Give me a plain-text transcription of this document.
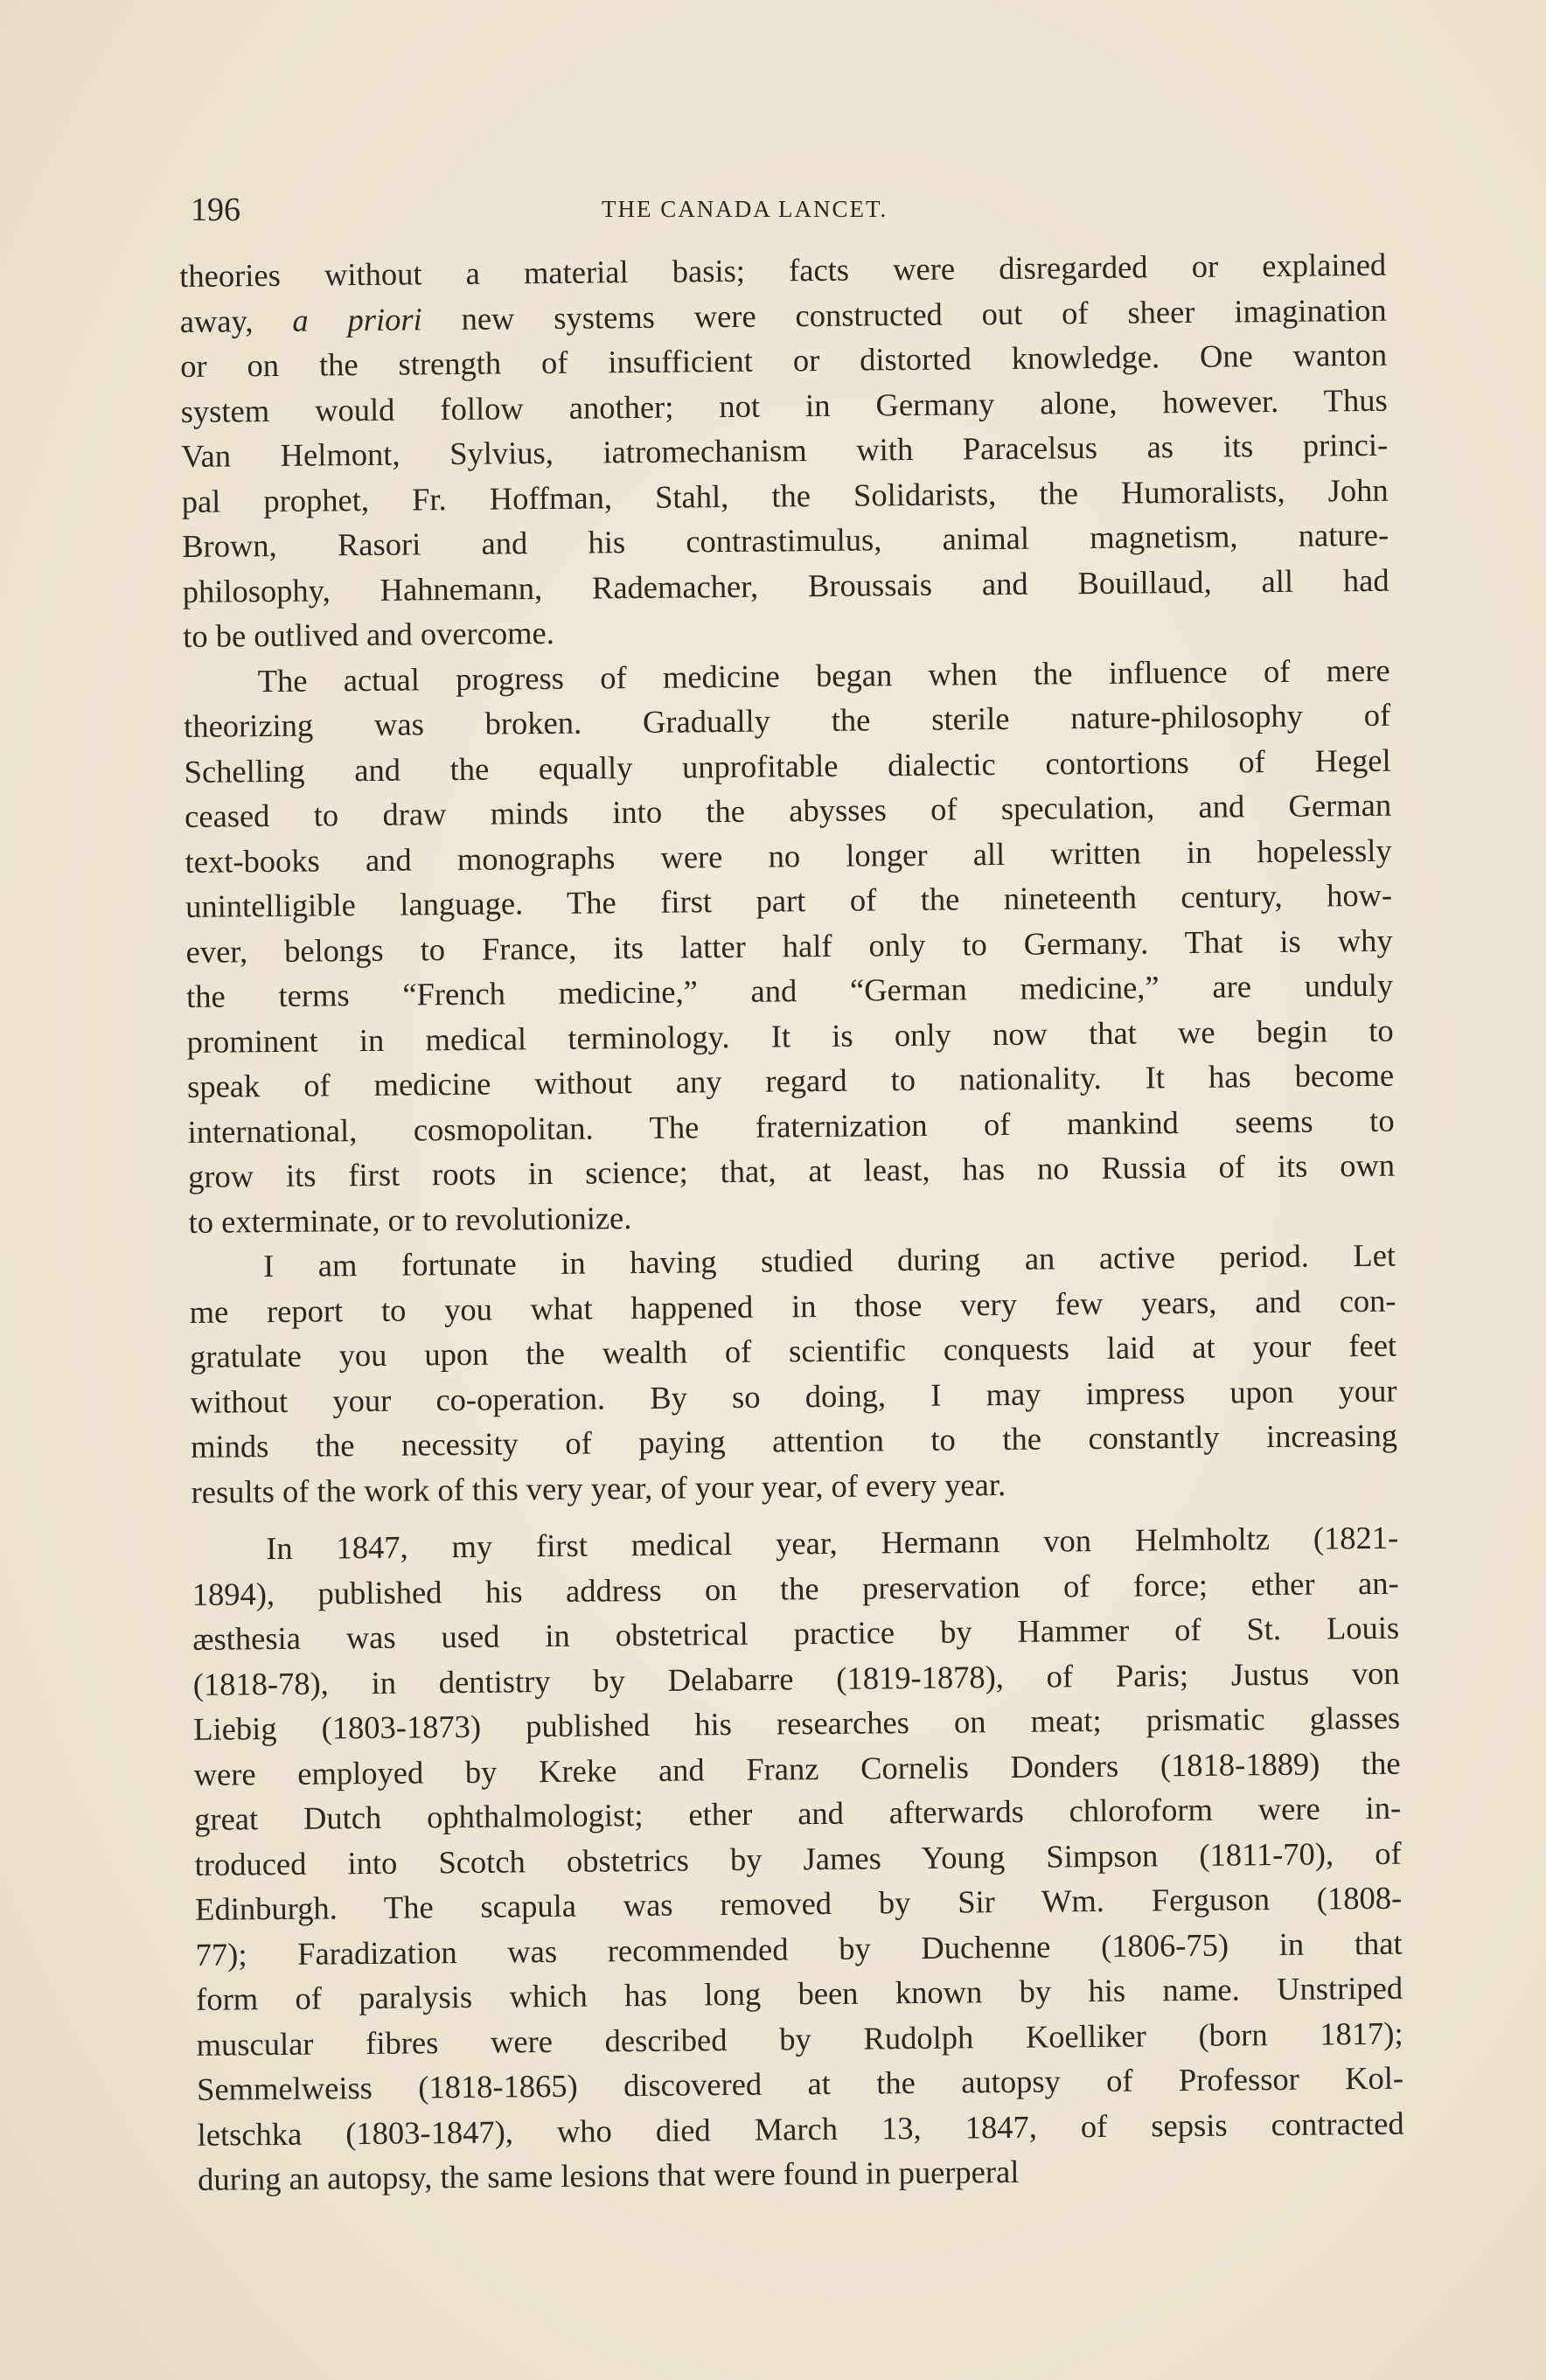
196	THE CANADA LANCET.
theories without a material basis; facts were disregarded or explained
away, a priori new systems were constructed out of sheer imagination
or on the strength of insufficient or distorted knowledge. One wanton
system would follow another; not in Germany alone, however. Thus
Van Helmont, Sylvius, iatromechanism with Paracelsus as its princi-
pal prophet, Fr. Hoffman, Stahl, the Solidarists, the Humoralists, John
Brown, Rasori and his contrastimulus, animal magnetism, nature-
philosophy, Hahnemann, Rademacher, Broussais and Bouillaud, all had
to be outlived and overcome.
The actual progress of medicine began when the influence of mere
theorizing was broken. Gradually the sterile nature-philosophy of
Schelling and the equally unprofitable dialectic contortions of Hegel
ceased to draw minds into the abysses of speculation, and German
text-books and monographs were no longer all written in hopelessly
unintelligible language. The first part of the nineteenth century, how-
ever, belongs to France, its latter half only to Germany. That is why
the terms “French medicine,” and “German medicine,” are unduly
prominent in medical terminology. It is only now that we begin to
speak of medicine without any regard to nationality. It has become
international, cosmopolitan. The fraternization of mankind seems to
grow its first roots in science; that, at least, has no Russia of its own
to exterminate, or to revolutionize.
I am fortunate in having studied during an active period. Let
me report to you what happened in those very few years, and con-
gratulate you upon the wealth of scientific conquests laid at your feet
without your co-operation. By so doing, I may impress upon your
minds the necessity of paying attention to the constantly increasing
results of the work of this very year, of your year, of every year.
In 1847, my first medical year, Hermann von Helmholtz (1821-
1894), published his address on the preservation of force; ether an-
æsthesia was used in obstetrical practice by Hammer of St. Louis
(1818-78), in dentistry by Delabarre (1819-1878), of Paris; Justus von
Liebig (1803-1873) published his researches on meat; prismatic glasses
were employed by Kreke and Franz Cornelis Donders (1818-1889) the
great Dutch ophthalmologist; ether and afterwards chloroform were in-
troduced into Scotch obstetrics by James Young Simpson (1811-70), of
Edinburgh. The scapula was removed by Sir Wm. Ferguson (1808-
77); Faradization was recommended by Duchenne (1806-75) in that
form of paralysis which has long been known by his name. Unstriped
muscular fibres were described by Rudolph Koelliker (born 1817);
Semmelweiss (1818-1865) discovered at the autopsy of Professor Kol-
letschka (1803-1847), who died March 13, 1847, of sepsis contracted
during an autopsy, the same lesions that were found in puerperal
